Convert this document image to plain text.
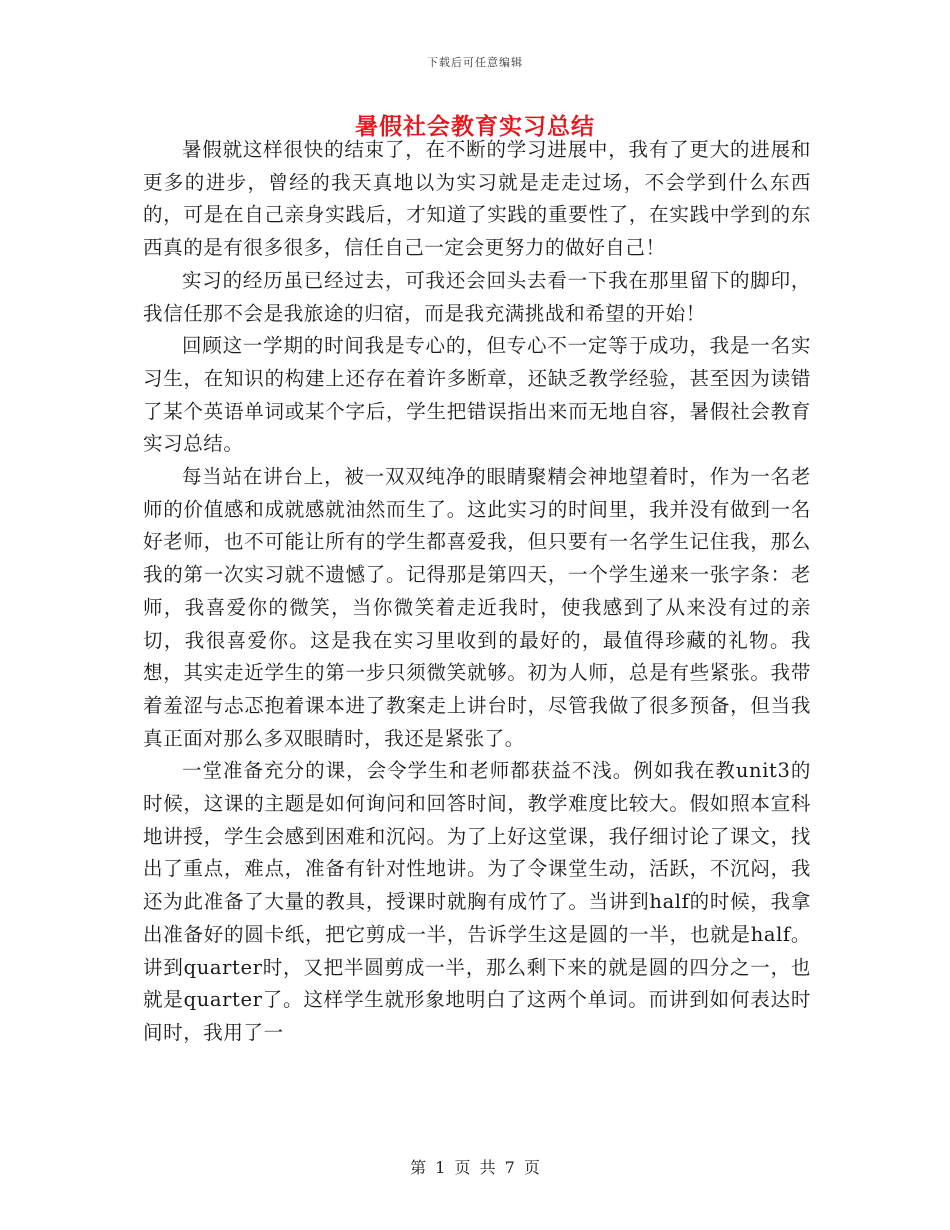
下载后可任意编辑
暑假社会教育实习总结

暑假就这样很快的结束了，在不断的学习进展中，我有了更大的进展和更多的进步，曾经的我天真地以为实习就是走走过场，不会学到什么东西的，可是在自己亲身实践后，才知道了实践的重要性了，在实践中学到的东西真的是有很多很多，信任自己一定会更努力的做好自己！

实习的经历虽已经过去，可我还会回头去看一下我在那里留下的脚印，我信任那不会是我旅途的归宿，而是我充满挑战和希望的开始！

回顾这一学期的时间我是专心的，但专心不一定等于成功，我是一名实习生，在知识的构建上还存在着许多断章，还缺乏教学经验，甚至因为读错了某个英语单词或某个字后，学生把错误指出来而无地自容，暑假社会教育实习总结。

每当站在讲台上，被一双双纯净的眼睛聚精会神地望着时，作为一名老师的价值感和成就感就油然而生了。这此实习的时间里，我并没有做到一名好老师，也不可能让所有的学生都喜爱我，但只要有一名学生记住我，那么我的第一次实习就不遗憾了。记得那是第四天，一个学生递来一张字条：老师，我喜爱你的微笑，当你微笑着走近我时，使我感到了从来没有过的亲切，我很喜爱你。这是我在实习里收到的最好的，最值得珍藏的礼物。我想，其实走近学生的第一步只须微笑就够。初为人师，总是有些紧张。我带着羞涩与忐忑抱着课本进了教案走上讲台时，尽管我做了很多预备，但当我真正面对那么多双眼睛时，我还是紧张了。

一堂准备充分的课，会令学生和老师都获益不浅。例如我在教unit3的时候，这课的主题是如何询问和回答时间，教学难度比较大。假如照本宣科地讲授，学生会感到困难和沉闷。为了上好这堂课，我仔细讨论了课文，找出了重点，难点，准备有针对性地讲。为了令课堂生动，活跃，不沉闷，我还为此准备了大量的教具，授课时就胸有成竹了。当讲到half的时候，我拿出准备好的圆卡纸，把它剪成一半，告诉学生这是圆的一半，也就是half。讲到quarter时，又把半圆剪成一半，那么剩下来的就是圆的四分之一，也就是quarter了。这样学生就形象地明白了这两个单词。而讲到如何表达时间时，我用了一

第 1 页 共 7 页
